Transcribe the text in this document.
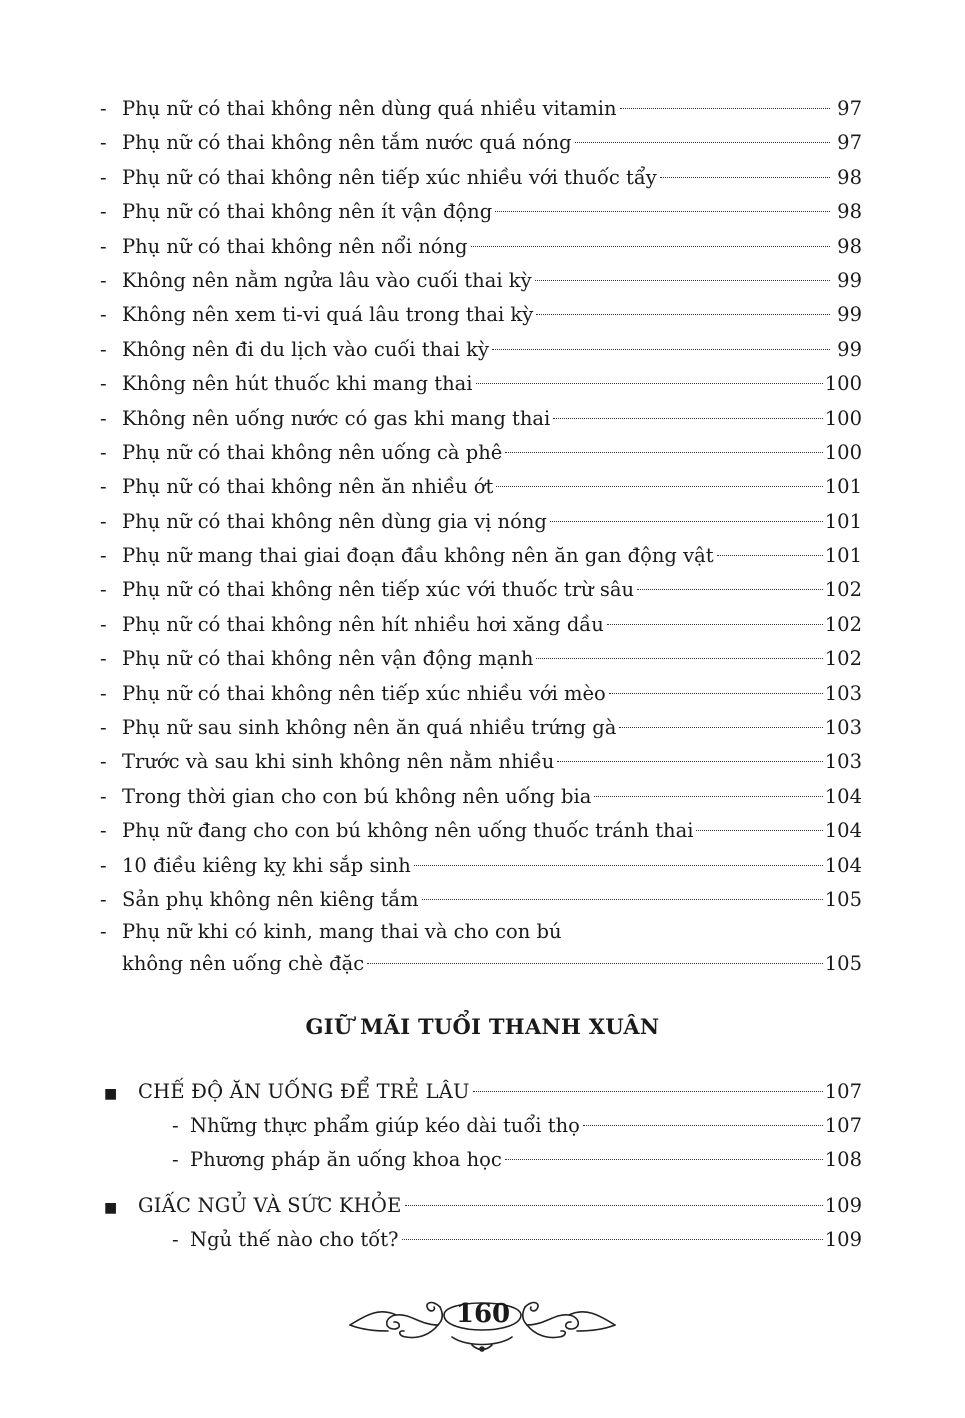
- Phụ nữ có thai không nên dùng quá nhiều vitamin	97
- Phụ nữ có thai không nên tắm nước quá nóng	97
- Phụ nữ có thai không nên tiếp xúc nhiều với thuốc tẩy	98
- Phụ nữ có thai không nên ít vận động	98
- Phụ nữ có thai không nên nổi nóng	98
- Không nên nằm ngửa lâu vào cuối thai kỳ	99
- Không nên xem ti-vi quá lâu trong thai kỳ	99
- Không nên đi du lịch vào cuối thai kỳ	99
- Không nên hút thuốc khi mang thai	100
- Không nên uống nước có gas khi mang thai	100
- Phụ nữ có thai không nên uống cà phê	100
- Phụ nữ có thai không nên ăn nhiều ớt	101
- Phụ nữ có thai không nên dùng gia vị nóng	101
- Phụ nữ mang thai giai đoạn đầu không nên ăn gan động vật	101
- Phụ nữ có thai không nên tiếp xúc với thuốc trừ sâu	102
- Phụ nữ có thai không nên hít nhiều hơi xăng dầu	102
- Phụ nữ có thai không nên vận động mạnh	102
- Phụ nữ có thai không nên tiếp xúc nhiều với mèo	103
- Phụ nữ sau sinh không nên ăn quá nhiều trứng gà	103
- Trước và sau khi sinh không nên nằm nhiều	103
- Trong thời gian cho con bú không nên uống bia	104
- Phụ nữ đang cho con bú không nên uống thuốc tránh thai	104
- 10 điều kiêng kỵ khi sắp sinh	104
- Sản phụ không nên kiêng tắm	105
- Phụ nữ khi có kinh, mang thai và cho con bú
không nên uống chè đặc	105
GIỮ MÃI TUỔI THANH XUÂN
■	CHẾ ĐỘ ĂN UỐNG ĐỂ TRẺ LÂU	107
- Những thực phẩm giúp kéo dài tuổi thọ	107
- Phương pháp ăn uống khoa học	108
■	GIẤC NGỦ VÀ SỨC KHỎE	109
- Ngủ thế nào cho tốt?	109
160
